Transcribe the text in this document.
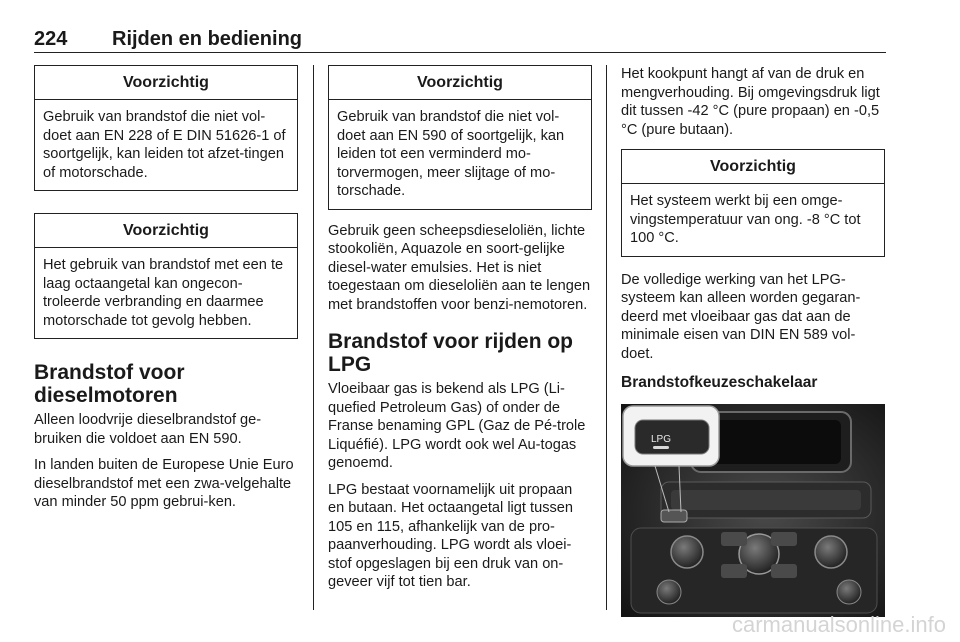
224 Rijden en bediening
Voorzichtig
Gebruik van brandstof die niet vol-doet aan EN 228 of E DIN 51626-1 of soortgelijk, kan leiden tot afzet-tingen of motorschade.
Voorzichtig
Het gebruik van brandstof met een te laag octaangetal kan ongecon-troleerde verbranding en daarmee motorschade tot gevolg hebben.
Brandstof voor dieselmotoren

Alleen loodvrije dieselbrandstof ge-bruiken die voldoet aan EN 590.

In landen buiten de Europese Unie Euro dieselbrandstof met een zwa-velgehalte van minder 50 ppm gebrui-ken.

Voorzichtig
Gebruik van brandstof die niet vol-doet aan EN 590 of soortgelijk, kan leiden tot een verminderd mo-torvermogen, meer slijtage of mo-torschade.

Gebruik geen scheepsdieseloliën, lichte stookoliën, Aquazole en soort-gelijke diesel-water emulsies. Het is niet toegestaan om dieseloliën aan te lengen met brandstoffen voor benzi-nemotoren.

Brandstof voor rijden op LPG

Vloeibaar gas is bekend als LPG (Li-quefied Petroleum Gas) of onder de Franse benaming GPL (Gaz de Pé-trole Liquéfié). LPG wordt ook wel Au-togas genoemd.

LPG bestaat voornamelijk uit propaan en butaan. Het octaangetal ligt tussen 105 en 115, afhankelijk van de pro-paanverhouding. LPG wordt als vloei-stof opgeslagen bij een druk van on-geveer vijf tot tien bar.

Het kookpunt hangt af van de druk en mengverhouding. Bij omgevingsdruk ligt dit tussen -42 °C (pure propaan) en -0,5 °C (pure butaan).

Voorzichtig
Het systeem werkt bij een omge-vingstemperatuur van ong. -8 °C tot 100 °C.

De volledige werking van het LPG-systeem kan alleen worden gegaran-deerd met vloeibaar gas dat aan de minimale eisen van DIN EN 589 vol-doet.

Brandstofkeuzeschakelaar
LPG
carmanualsonline.info
